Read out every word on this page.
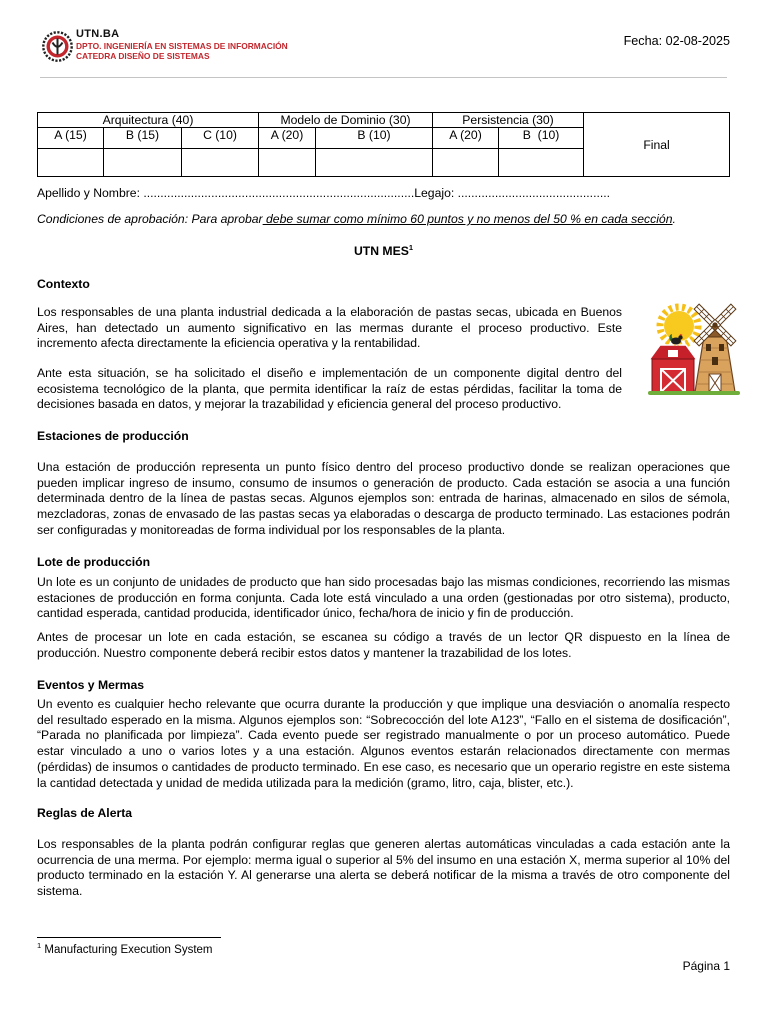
UTN.BA
DPTO. INGENIERÍA EN SISTEMAS DE INFORMACIÓN
CATEDRA DISEÑO DE SISTEMAS
Fecha: 02-08-2025
Arquitectura (40)			Modelo de Dominio (30)		Persistencia (30)		Final
A (15)	B (15)	C (10)	A (20)	B (10)	A (20)	B  (10)	

Apellido y Nombre: ................................................................................Legajo: .............................................
Condiciones de aprobación: Para aprobar debe sumar como mínimo 60 puntos y no menos del 50 % en cada sección.
UTN MES$^1$
Contexto
Los responsables de una planta industrial dedicada a la elaboración de pastas secas, ubicada en Buenos Aires, han detectado un aumento significativo en las mermas durante el proceso productivo. Este incremento afecta directamente la eficiencia operativa y la rentabilidad.
Ante esta situación, se ha solicitado el diseño e implementación de un componente digital dentro del ecosistema tecnológico de la planta, que permita identificar la raíz de estas pérdidas, facilitar la toma de decisiones basada en datos, y mejorar la trazabilidad y eficiencia general del proceso productivo.
Estaciones de producción
Una estación de producción representa un punto físico dentro del proceso productivo donde se realizan operaciones que pueden implicar ingreso de insumo, consumo de insumos o generación de producto. Cada estación se asocia a una función determinada dentro de la línea de pastas secas. Algunos ejemplos son: entrada de harinas, almacenado en silos de sémola, mezcladoras, zonas de envasado de las pastas secas ya elaboradas o descarga de producto terminado. Las estaciones podrán ser configuradas y monitoreadas de forma individual por los responsables de la planta.
Lote de producción
Un lote es un conjunto de unidades de producto que han sido procesadas bajo las mismas condiciones, recorriendo las mismas estaciones de producción en forma conjunta. Cada lote está vinculado a una orden (gestionadas por otro sistema), producto, cantidad esperada, cantidad producida, identificador único, fecha/hora de inicio y fin de producción.
Antes de procesar un lote en cada estación, se escanea su código a través de un lector QR dispuesto en la línea de producción. Nuestro componente deberá recibir estos datos y mantener la trazabilidad de los lotes.
Eventos y Mermas
Un evento es cualquier hecho relevante que ocurra durante la producción y que implique una desviación o anomalía respecto del resultado esperado en la misma. Algunos ejemplos son: “Sobrecocción del lote A123”, “Fallo en el sistema de dosificación”, “Parada no planificada por limpieza”. Cada evento puede ser registrado manualmente o por un proceso automático. Puede estar vinculado a uno o varios lotes y a una estación. Algunos eventos estarán relacionados directamente con mermas (pérdidas) de insumos o cantidades de producto terminado. En ese caso, es necesario que un operario registre en este sistema la cantidad detectada y unidad de medida utilizada para la medición (gramo, litro, caja, blister, etc.).
Reglas de Alerta
Los responsables de la planta podrán configurar reglas que generen alertas automáticas vinculadas a cada estación ante la ocurrencia de una merma. Por ejemplo: merma igual o superior al 5% del insumo en una estación X, merma superior al 10% del producto terminado en la estación Y. Al generarse una alerta se deberá notificar de la misma a través de otro componente del sistema.
$^1$ Manufacturing Execution System
Página 1
